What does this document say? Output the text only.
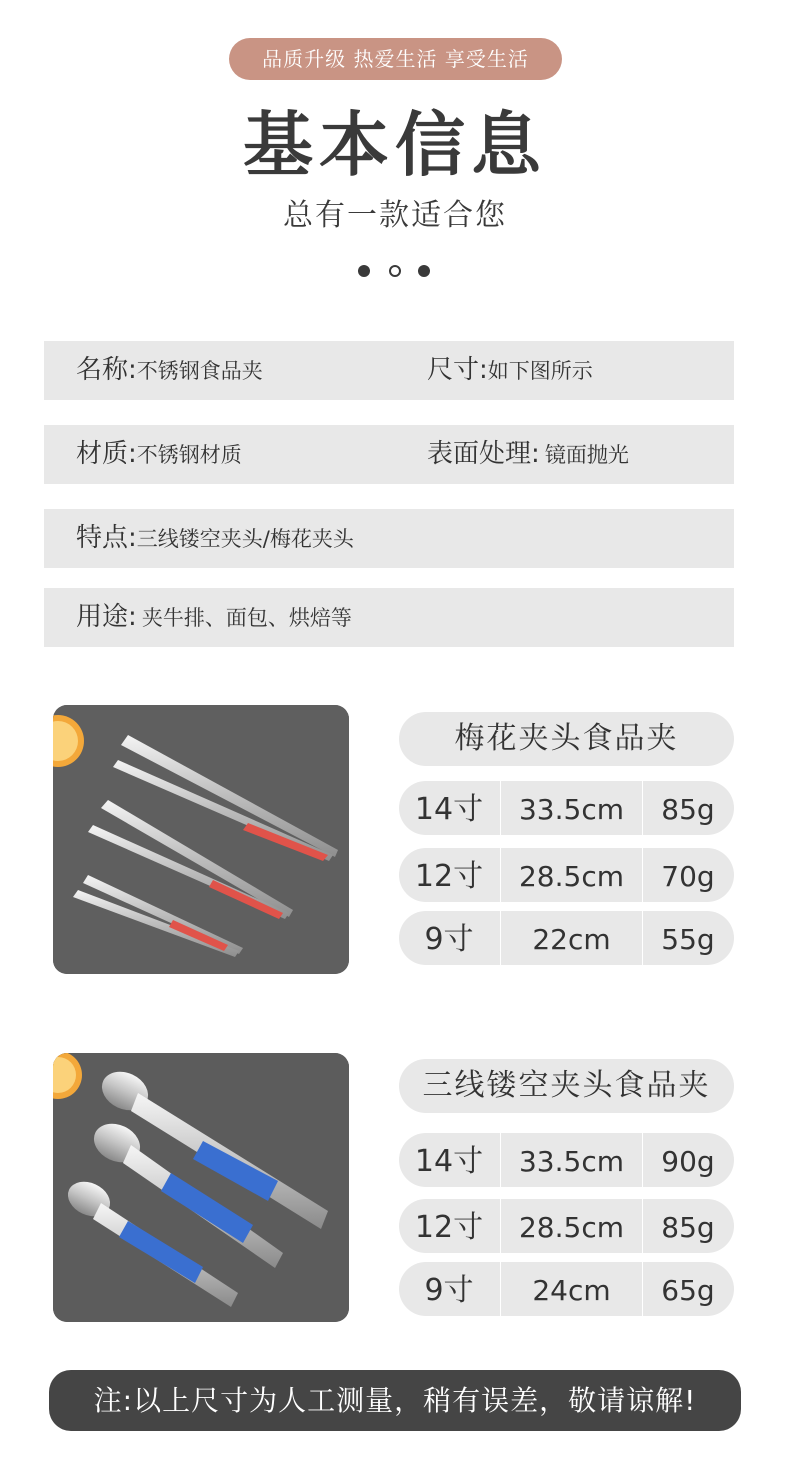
品质升级 热爱生活 享受生活
基本信息
总有一款适合您
名称:不锈钢食品夹	尺寸:如下图所示
材质:不锈钢材质	表面处理: 镜面抛光
特点:三线镂空夹头/梅花夹头
用途: 夹牛排、面包、烘焙等
梅花夹头食品夹
14寸	33.5cm	85g
12寸	28.5cm	70g
9寸	22cm	55g
三线镂空夹头食品夹
14寸	33.5cm	90g
12寸	28.5cm	85g
9寸	24cm	65g
注:以上尺寸为人工测量，稍有误差，敬请谅解!
